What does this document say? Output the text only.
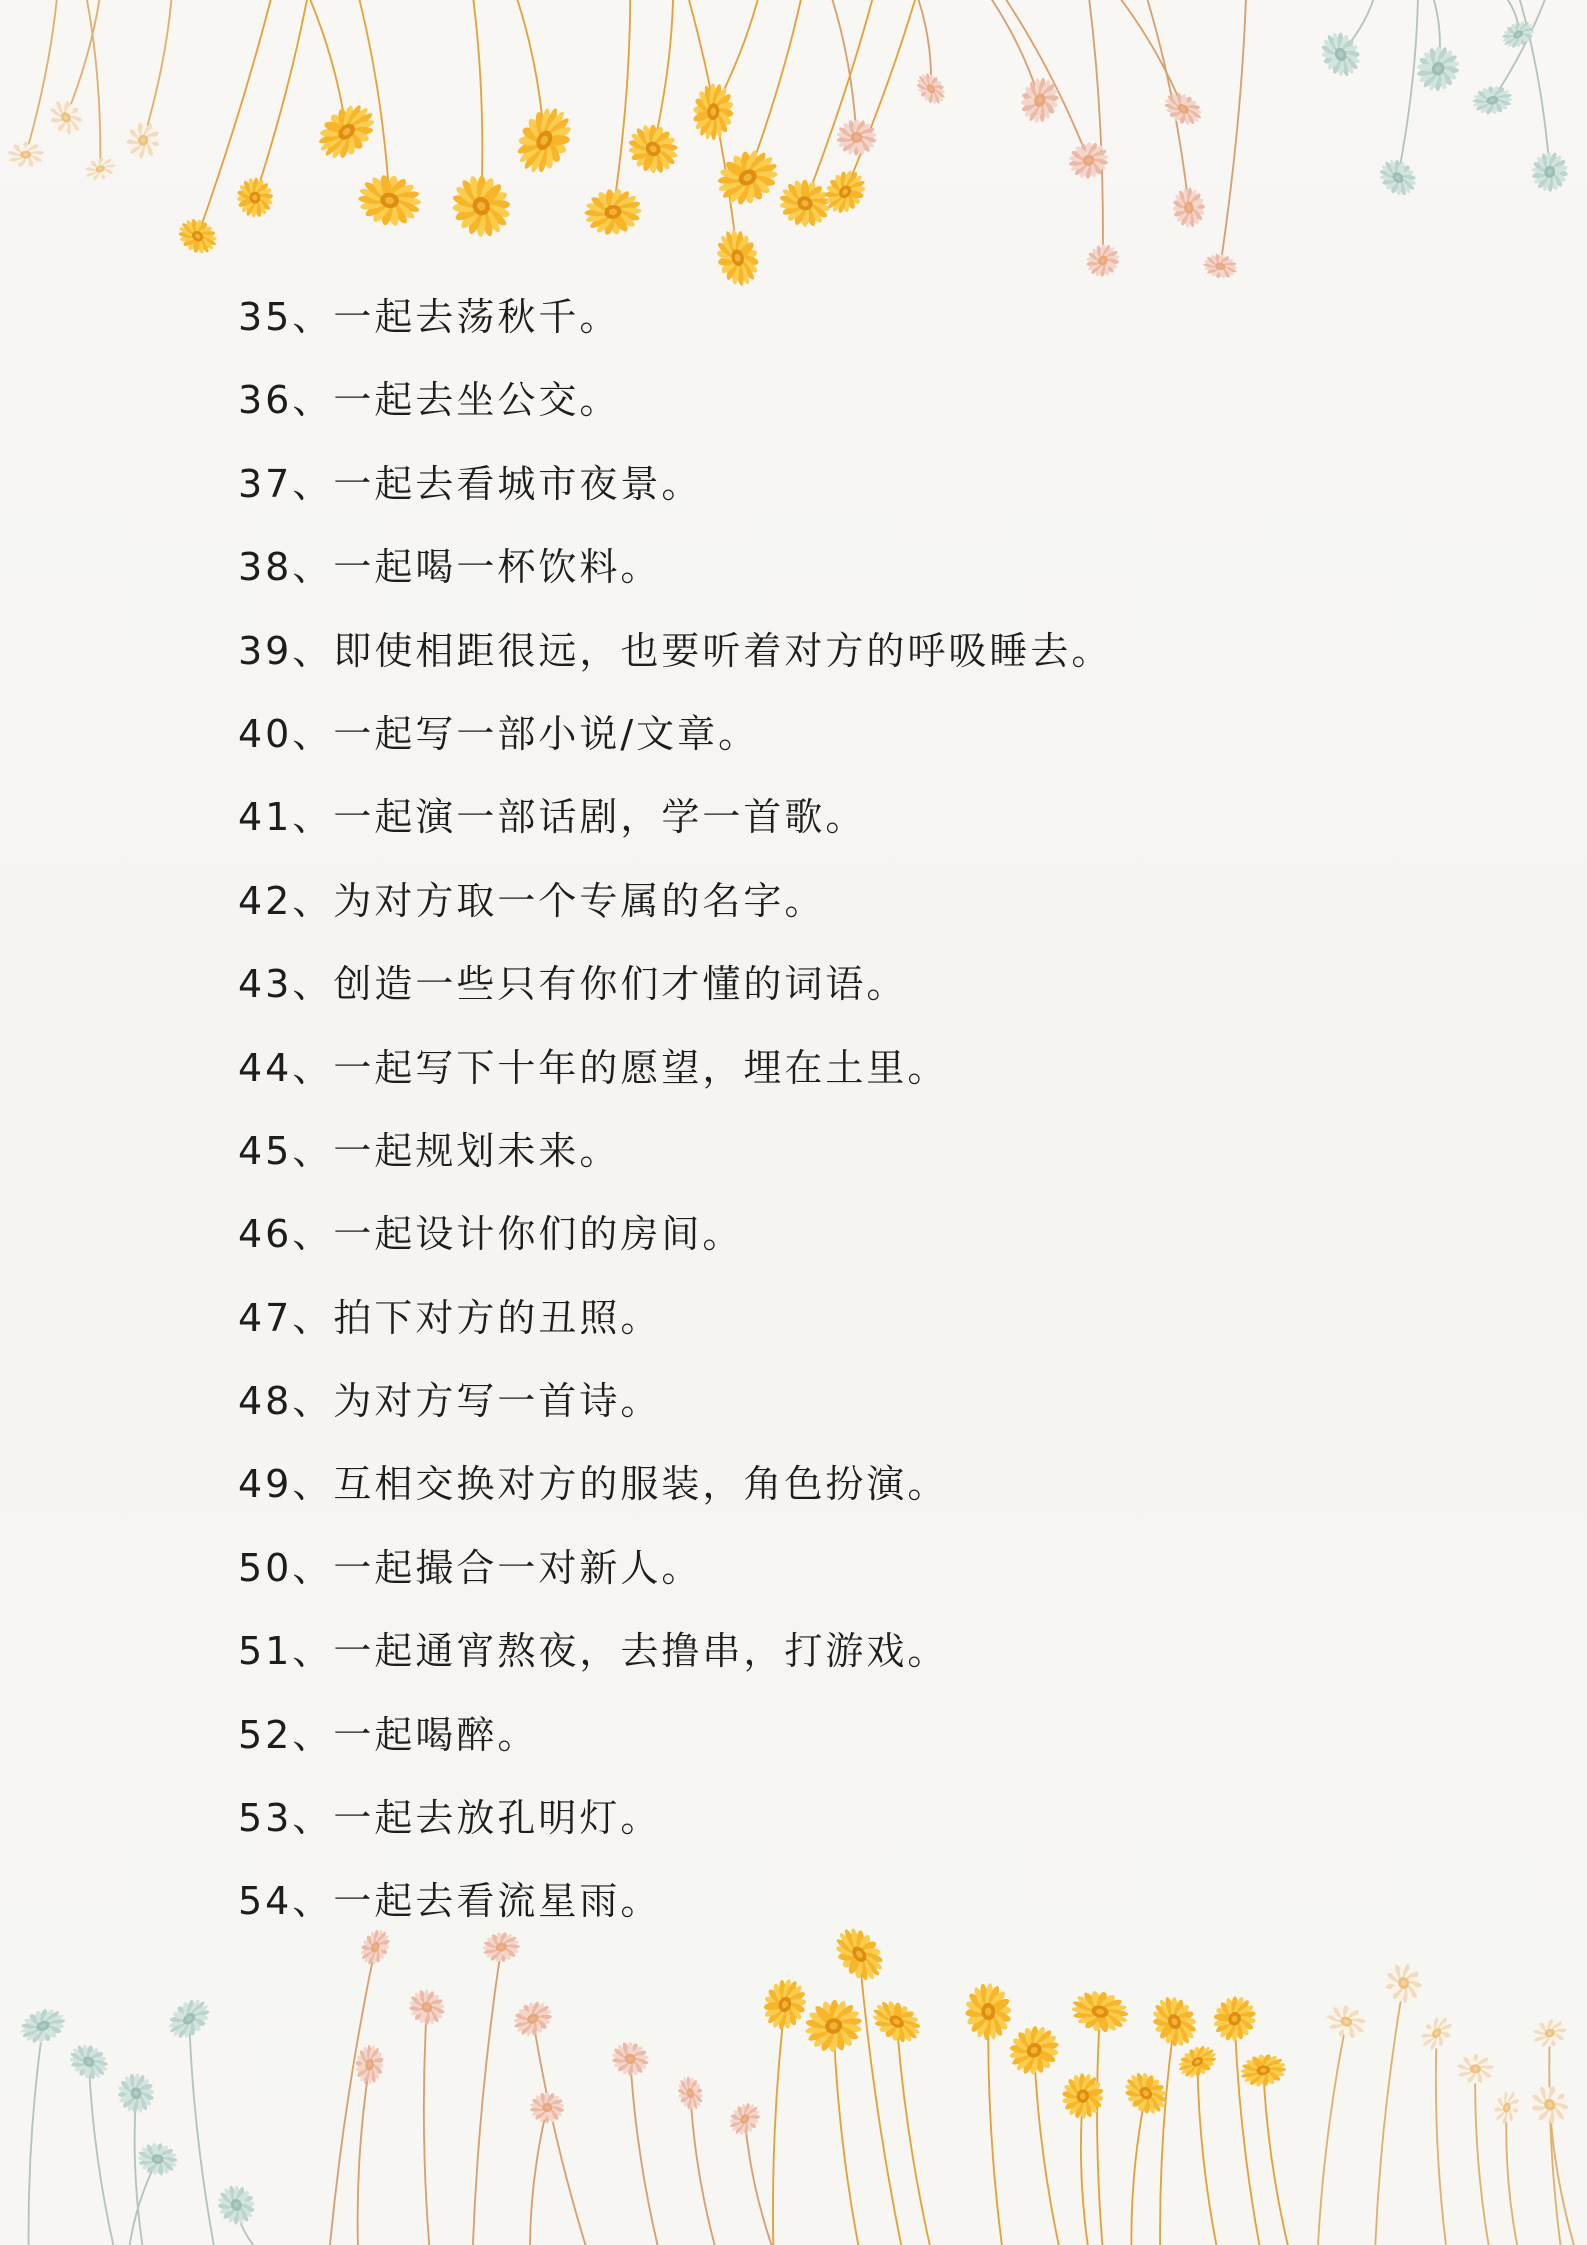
35、一起去荡秋千。
36、一起去坐公交。
37、一起去看城市夜景。
38、一起喝一杯饮料。
39、即使相距很远，也要听着对方的呼吸睡去。
40、一起写一部小说/文章。
41、一起演一部话剧，学一首歌。
42、为对方取一个专属的名字。
43、创造一些只有你们才懂的词语。
44、一起写下十年的愿望，埋在土里。
45、一起规划未来。
46、一起设计你们的房间。
47、拍下对方的丑照。
48、为对方写一首诗。
49、互相交换对方的服装，角色扮演。
50、一起撮合一对新人。
51、一起通宵熬夜，去撸串，打游戏。
52、一起喝醉。
53、一起去放孔明灯。
54、一起去看流星雨。
